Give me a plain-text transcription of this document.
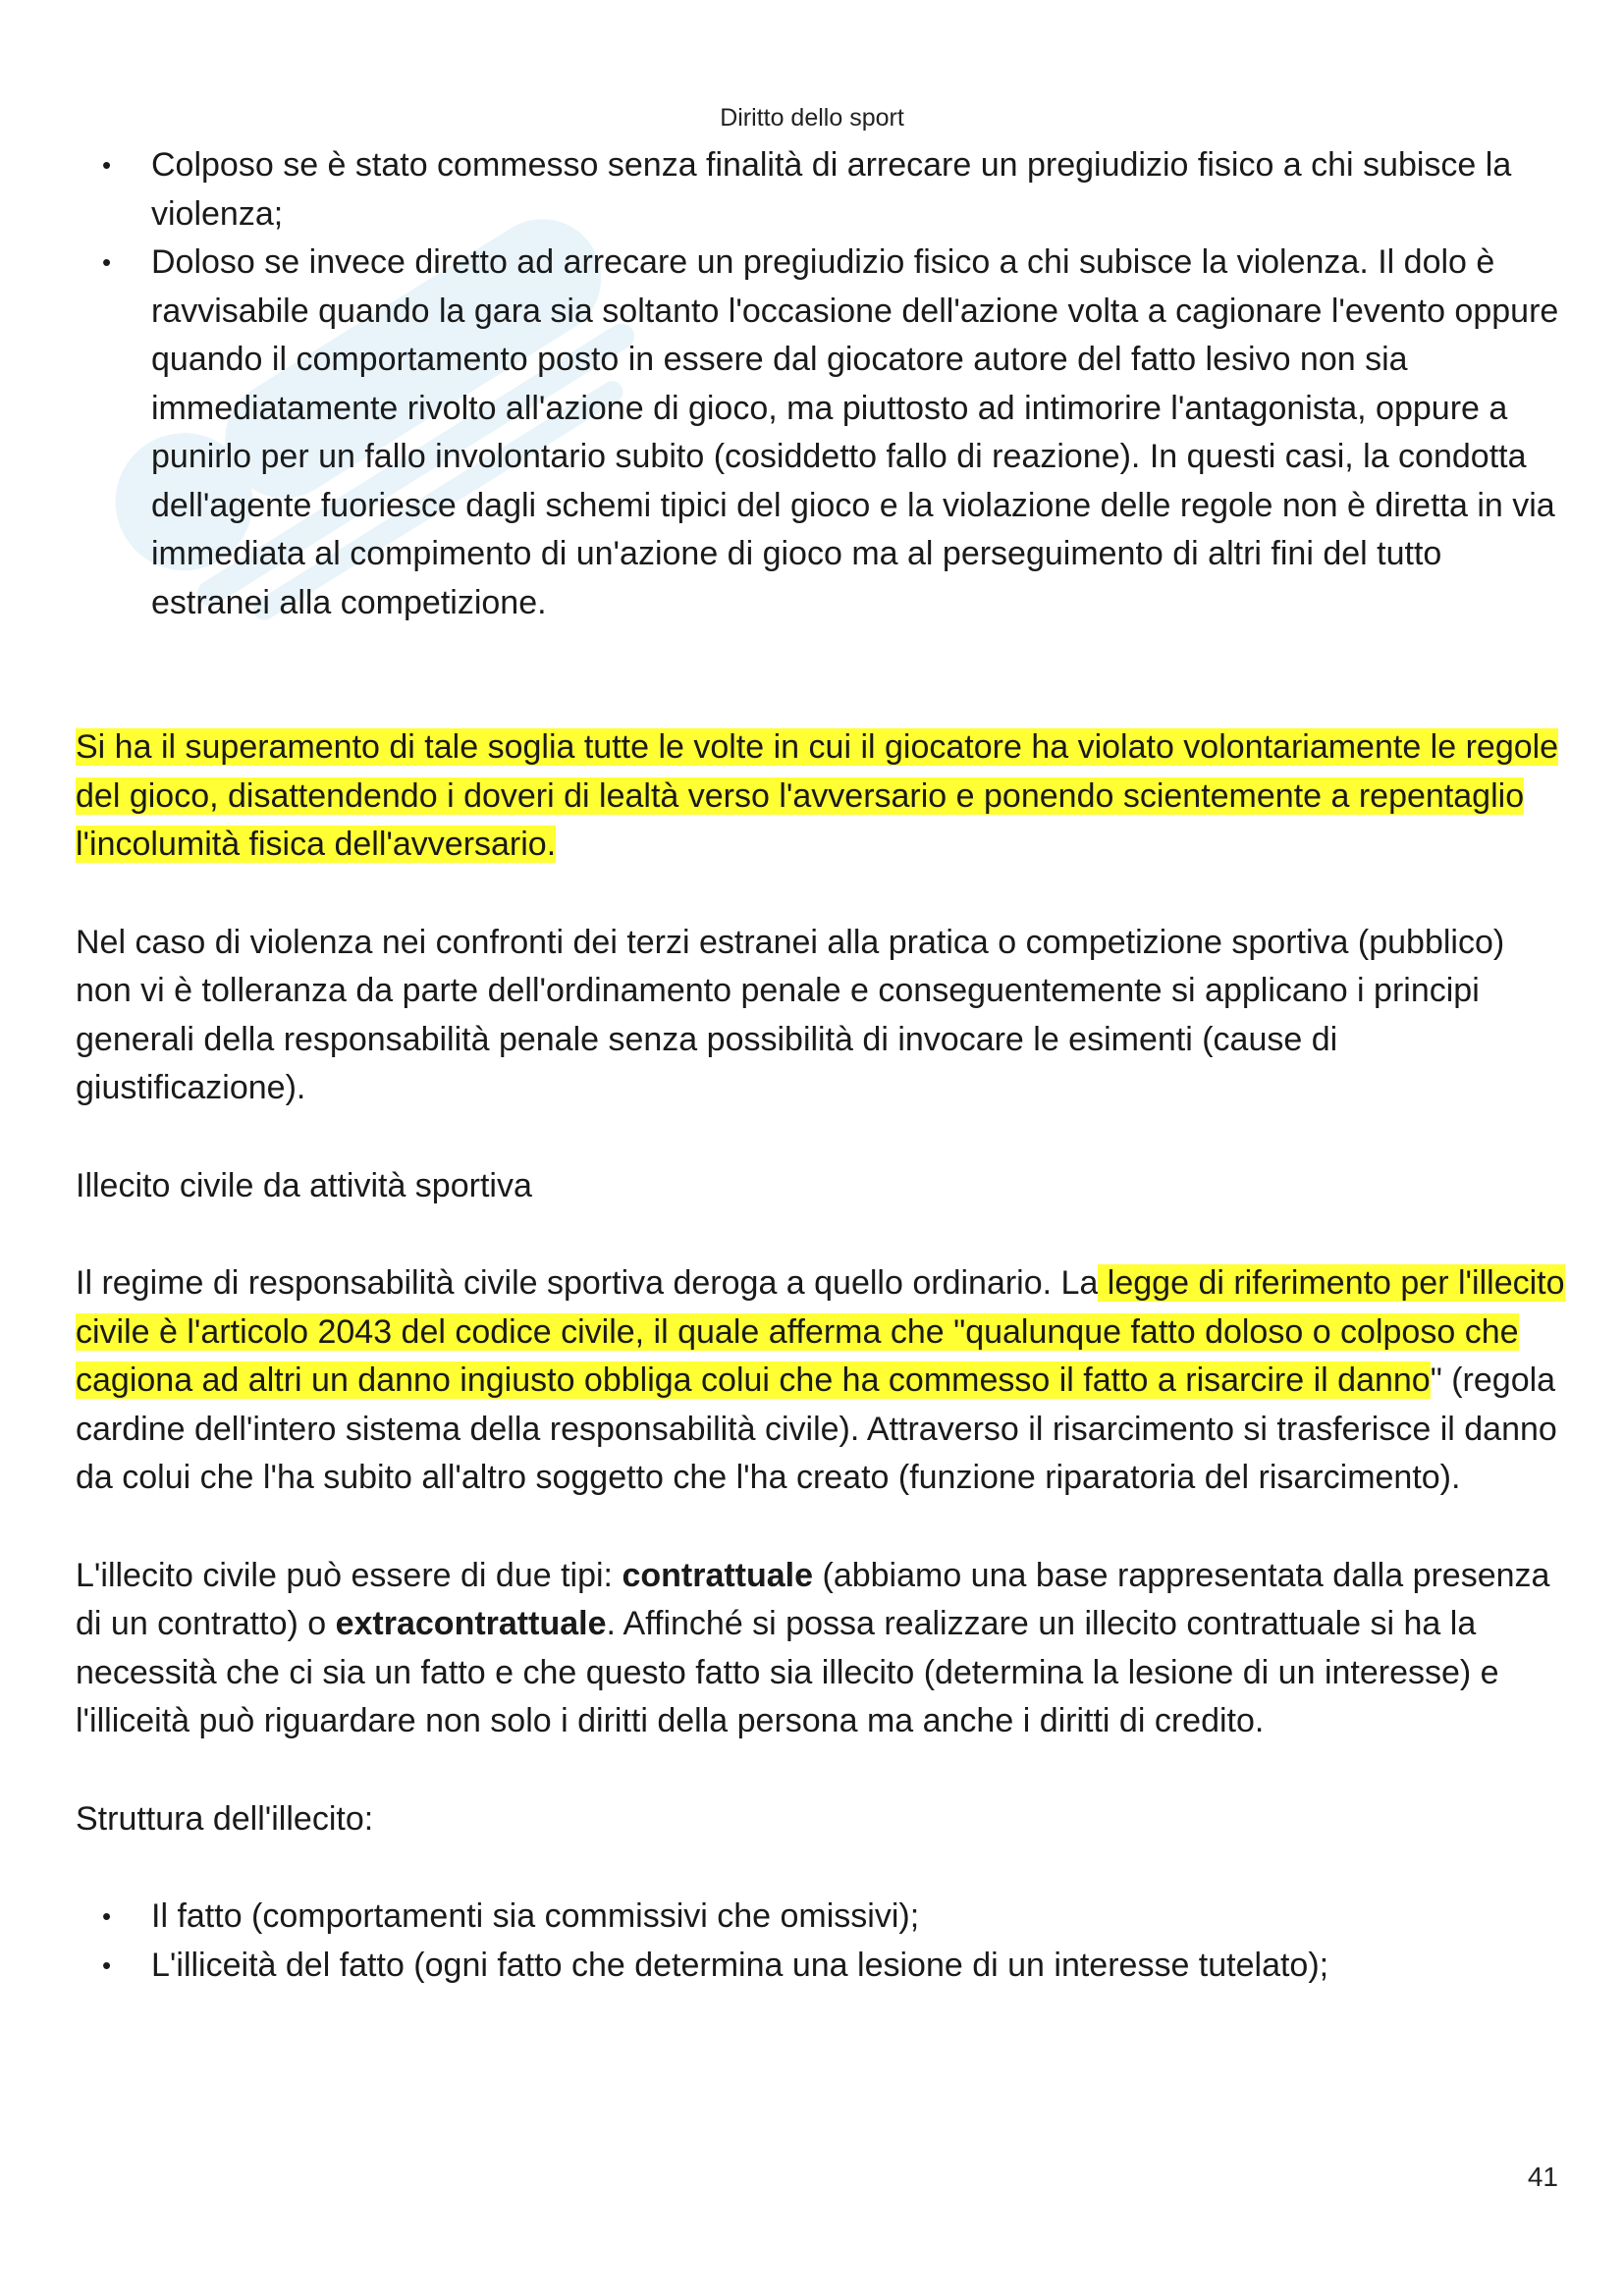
Diritto dello sport
• Colposo se è stato commesso senza finalità di arrecare un pregiudizio fisico a chi subisce la violenza;
• Doloso se invece diretto ad arrecare un pregiudizio fisico a chi subisce la violenza. Il dolo è ravvisabile quando la gara sia soltanto l'occasione dell'azione volta a cagionare l'evento oppure quando il comportamento posto in essere dal giocatore autore del fatto lesivo non sia immediatamente rivolto all'azione di gioco, ma piuttosto ad intimorire l'antagonista, oppure a punirlo per un fallo involontario subito (cosiddetto fallo di reazione). In questi casi, la condotta dell'agente fuoriesce dagli schemi tipici del gioco e la violazione delle regole non è diretta in via immediata al compimento di un'azione di gioco ma al perseguimento di altri fini del tutto estranei alla competizione.

Si ha il superamento di tale soglia tutte le volte in cui il giocatore ha violato volontariamente le regole del gioco, disattendendo i doveri di lealtà verso l'avversario e ponendo scientemente a repentaglio l'incolumità fisica dell'avversario.

Nel caso di violenza nei confronti dei terzi estranei alla pratica o competizione sportiva (pubblico) non vi è tolleranza da parte dell'ordinamento penale e conseguentemente si applicano i principi generali della responsabilità penale senza possibilità di invocare le esimenti (cause di giustificazione).

Illecito civile da attività sportiva

Il regime di responsabilità civile sportiva deroga a quello ordinario. La legge di riferimento per l'illecito civile è l'articolo 2043 del codice civile, il quale afferma che "qualunque fatto doloso o colposo che cagiona ad altri un danno ingiusto obbliga colui che ha commesso il fatto a risarcire il danno" (regola cardine dell'intero sistema della responsabilità civile). Attraverso il risarcimento si trasferisce il danno da colui che l'ha subito all'altro soggetto che l'ha creato (funzione riparatoria del risarcimento).

L'illecito civile può essere di due tipi: contrattuale (abbiamo una base rappresentata dalla presenza di un contratto) o extracontrattuale. Affinché si possa realizzare un illecito contrattuale si ha la necessità che ci sia un fatto e che questo fatto sia illecito (determina la lesione di un interesse) e l'illiceità può riguardare non solo i diritti della persona ma anche i diritti di credito.

Struttura dell'illecito:

• Il fatto (comportamenti sia commissivi che omissivi);
• L'illiceità del fatto (ogni fatto che determina una lesione di un interesse tutelato);
41
